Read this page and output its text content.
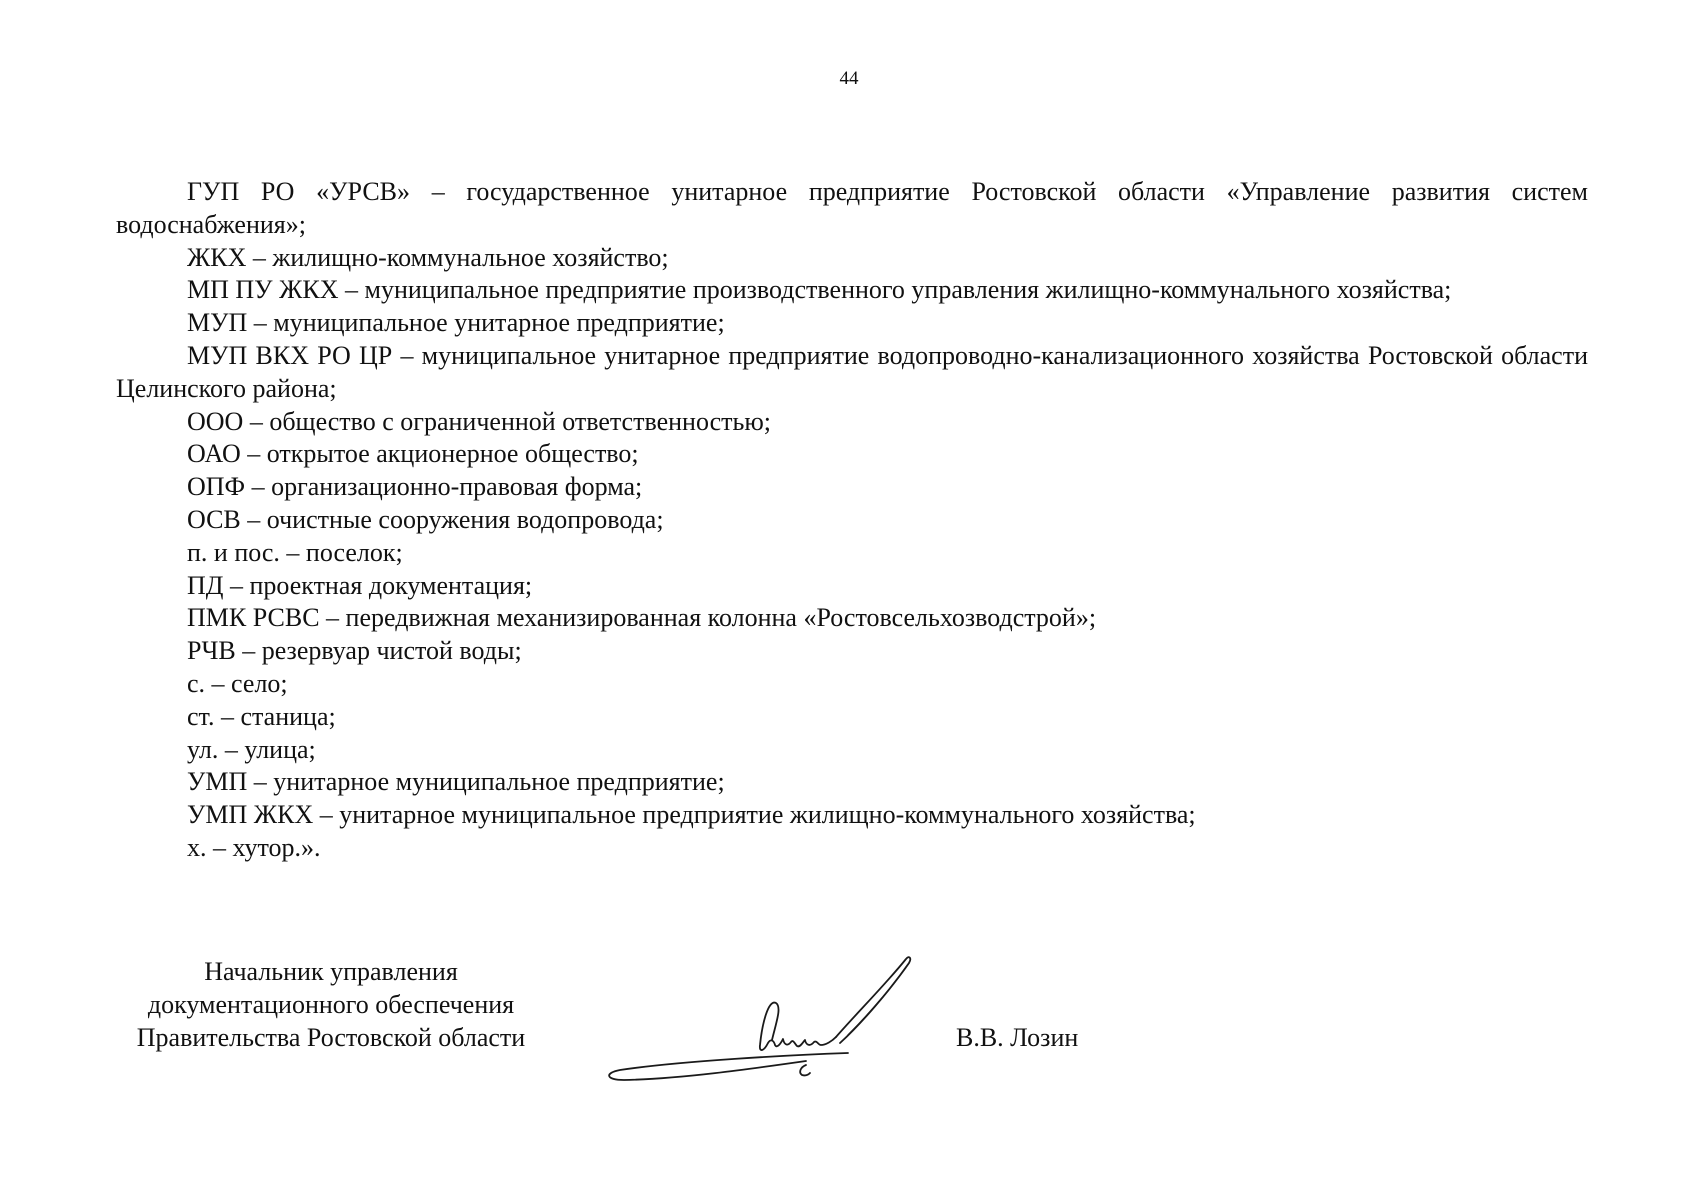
44

ГУП РО «УРСВ» – государственное унитарное предприятие Ростовской области «Управление развития систем водоснабжения»;

ЖКХ – жилищно-коммунальное хозяйство;

МП ПУ ЖКХ – муниципальное предприятие производственного управления жилищно-коммунального хозяйства;

МУП – муниципальное унитарное предприятие;

МУП ВКХ РО ЦР – муниципальное унитарное предприятие водопроводно-канализационного хозяйства Ростовской области Целинского района;

ООО – общество с ограниченной ответственностью;

ОАО – открытое акционерное общество;

ОПФ – организационно-правовая форма;

ОСВ – очистные сооружения водопровода;

п. и пос. – поселок;

ПД – проектная документация;

ПМК РСВС – передвижная механизированная колонна «Ростовсельхозводстрой»;

РЧВ – резервуар чистой воды;

с. – село;

ст. – станица;

ул. – улица;

УМП – унитарное муниципальное предприятие;

УМП ЖКХ – унитарное муниципальное предприятие жилищно-коммунального хозяйства;

х. – хутор.».

Начальник управления
документационного обеспечения
Правительства Ростовской области	В.В. Лозин
